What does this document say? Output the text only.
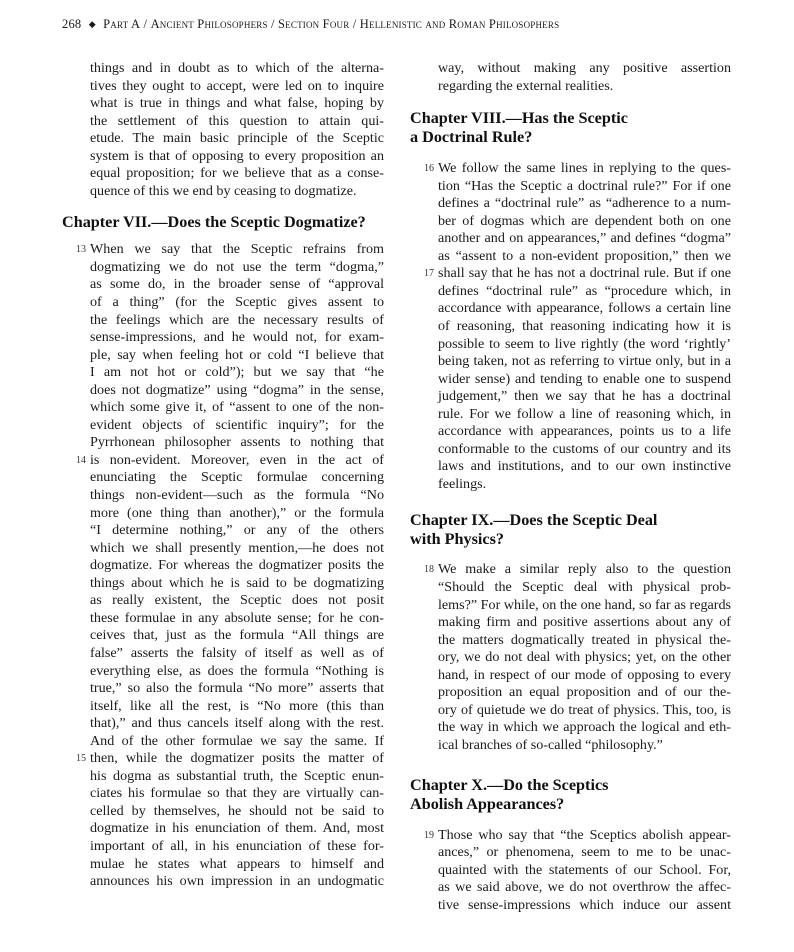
268 ◆ Part A / Ancient Philosophers / Section Four / Hellenistic and Roman Philosophers
things and in doubt as to which of the alterna-
tives they ought to accept, were led on to inquire
what is true in things and what false, hoping by
the settlement of this question to attain qui-
etude. The main basic principle of the Sceptic
system is that of opposing to every proposition an
equal proposition; for we believe that as a conse-
quence of this we end by ceasing to dogmatize.
Chapter VII.—Does the Sceptic Dogmatize?
13
14
15
When we say that the Sceptic refrains from
dogmatizing we do not use the term “dogma,”
as some do, in the broader sense of “approval
of a thing” (for the Sceptic gives assent to
the feelings which are the necessary results of
sense-impressions, and he would not, for exam-
ple, say when feeling hot or cold “I believe that
I am not hot or cold”); but we say that “he
does not dogmatize” using “dogma” in the sense,
which some give it, of “assent to one of the non-
evident objects of scientific inquiry”; for the
Pyrrhonean philosopher assents to nothing that
is non-evident. Moreover, even in the act of
enunciating the Sceptic formulae concerning
things non-evident—such as the formula “No
more (one thing than another),” or the formula
“I determine nothing,” or any of the others
which we shall presently mention,—he does not
dogmatize. For whereas the dogmatizer posits the
things about which he is said to be dogmatizing
as really existent, the Sceptic does not posit
these formulae in any absolute sense; for he con-
ceives that, just as the formula “All things are
false” asserts the falsity of itself as well as of
everything else, as does the formula “Nothing is
true,” so also the formula “No more” asserts that
itself, like all the rest, is “No more (this than
that),” and thus cancels itself along with the rest.
And of the other formulae we say the same. If
then, while the dogmatizer posits the matter of
his dogma as substantial truth, the Sceptic enun-
ciates his formulae so that they are virtually can-
celled by themselves, he should not be said to
dogmatize in his enunciation of them. And, most
important of all, in his enunciation of these for-
mulae he states what appears to himself and
announces his own impression in an undogmatic
way, without making any positive assertion
regarding the external realities.
Chapter VIII.—Has the Sceptic
a Doctrinal Rule?
16
17
We follow the same lines in replying to the ques-
tion “Has the Sceptic a doctrinal rule?” For if one
defines a “doctrinal rule” as “adherence to a num-
ber of dogmas which are dependent both on one
another and on appearances,” and defines “dogma”
as “assent to a non-evident proposition,” then we
shall say that he has not a doctrinal rule. But if one
defines “doctrinal rule” as “procedure which, in
accordance with appearance, follows a certain line
of reasoning, that reasoning indicating how it is
possible to seem to live rightly (the word ‘rightly’
being taken, not as referring to virtue only, but in a
wider sense) and tending to enable one to suspend
judgement,” then we say that he has a doctrinal
rule. For we follow a line of reasoning which, in
accordance with appearances, points us to a life
conformable to the customs of our country and its
laws and institutions, and to our own instinctive
feelings.
Chapter IX.—Does the Sceptic Deal
with Physics?
18 We make a similar reply also to the question
“Should the Sceptic deal with physical prob-
lems?” For while, on the one hand, so far as regards
making firm and positive assertions about any of
the matters dogmatically treated in physical the-
ory, we do not deal with physics; yet, on the other
hand, in respect of our mode of opposing to every
proposition an equal proposition and of our the-
ory of quietude we do treat of physics. This, too, is
the way in which we approach the logical and eth-
ical branches of so-called “philosophy.”
Chapter X.—Do the Sceptics
Abolish Appearances?
19 Those who say that “the Sceptics abolish appear-
ances,” or phenomena, seem to me to be unac-
quainted with the statements of our School. For,
as we said above, we do not overthrow the affec-
tive sense-impressions which induce our assent
